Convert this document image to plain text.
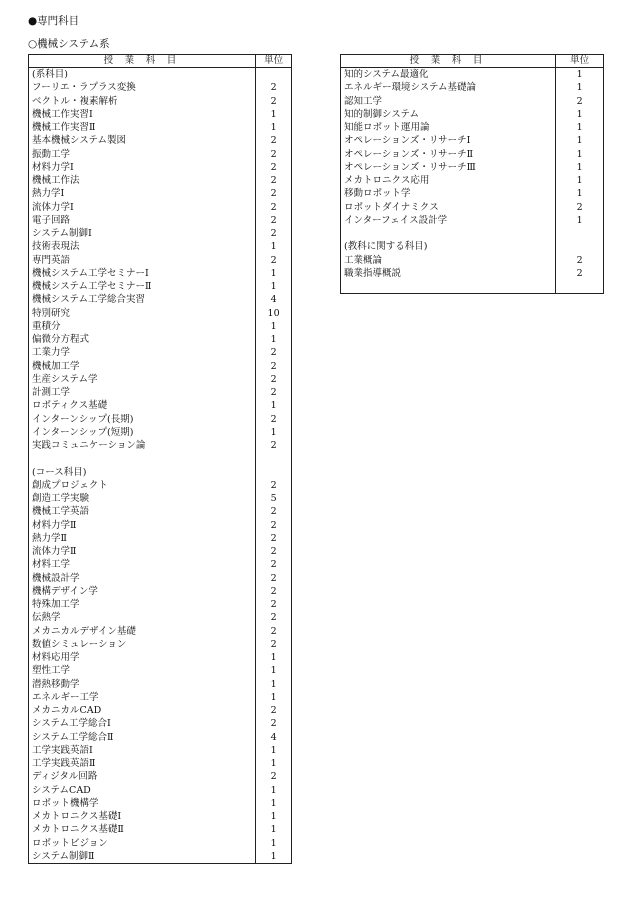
●専門科目
○機械システム系
授 業 科 目	単位
(系科目)	
フーリエ・ラプラス変換	2
ベクトル・複素解析	2
機械工作実習Ⅰ	1
機械工作実習Ⅱ	1
基本機械システム製図	2
振動工学	2
材料力学Ⅰ	2
機械工作法	2
熱力学Ⅰ	2
流体力学Ⅰ	2
電子回路	2
システム制御Ⅰ	2
技術表現法	1
専門英語	2
機械システム工学セミナーⅠ	1
機械システム工学セミナーⅡ	1
機械システム工学総合実習	4
特別研究	10
重積分	1
偏微分方程式	1
工業力学	2
機械加工学	2
生産システム学	2
計測工学	2
ロボティクス基礎	1
インターンシップ(長期)	2
インターンシップ(短期)	1
実践コミュニケーション論	2

(コース科目)	
創成プロジェクト	2
創造工学実験	5
機械工学英語	2
材料力学Ⅱ	2
熱力学Ⅱ	2
流体力学Ⅱ	2
材料工学	2
機械設計学	2
機構デザイン学	2
特殊加工学	2
伝熱学	2
メカニカルデザイン基礎	2
数値シミュレーション	2
材料応用学	1
塑性工学	1
潜熱移動学	1
エネルギー工学	1
メカニカルCAD	2
システム工学総合Ⅰ	2
システム工学総合Ⅱ	4
工学実践英語Ⅰ	1
工学実践英語Ⅱ	1
ディジタル回路	2
システムCAD	1
ロボット機構学	1
メカトロニクス基礎Ⅰ	1
メカトロニクス基礎Ⅱ	1
ロボットビジョン	1
システム制御Ⅱ	1
授 業 科 目	単位
知的システム最適化	1
エネルギー環境システム基礎論	1
認知工学	2
知的制御システム	1
知能ロボット運用論	1
オペレーションズ・リサーチⅠ	1
オペレーションズ・リサーチⅡ	1
オペレーションズ・リサーチⅢ	1
メカトロニクス応用	1
移動ロボット学	1
ロボットダイナミクス	2
インターフェイス設計学	1

(教科に関する科目)	
工業概論	2
職業指導概説	2
